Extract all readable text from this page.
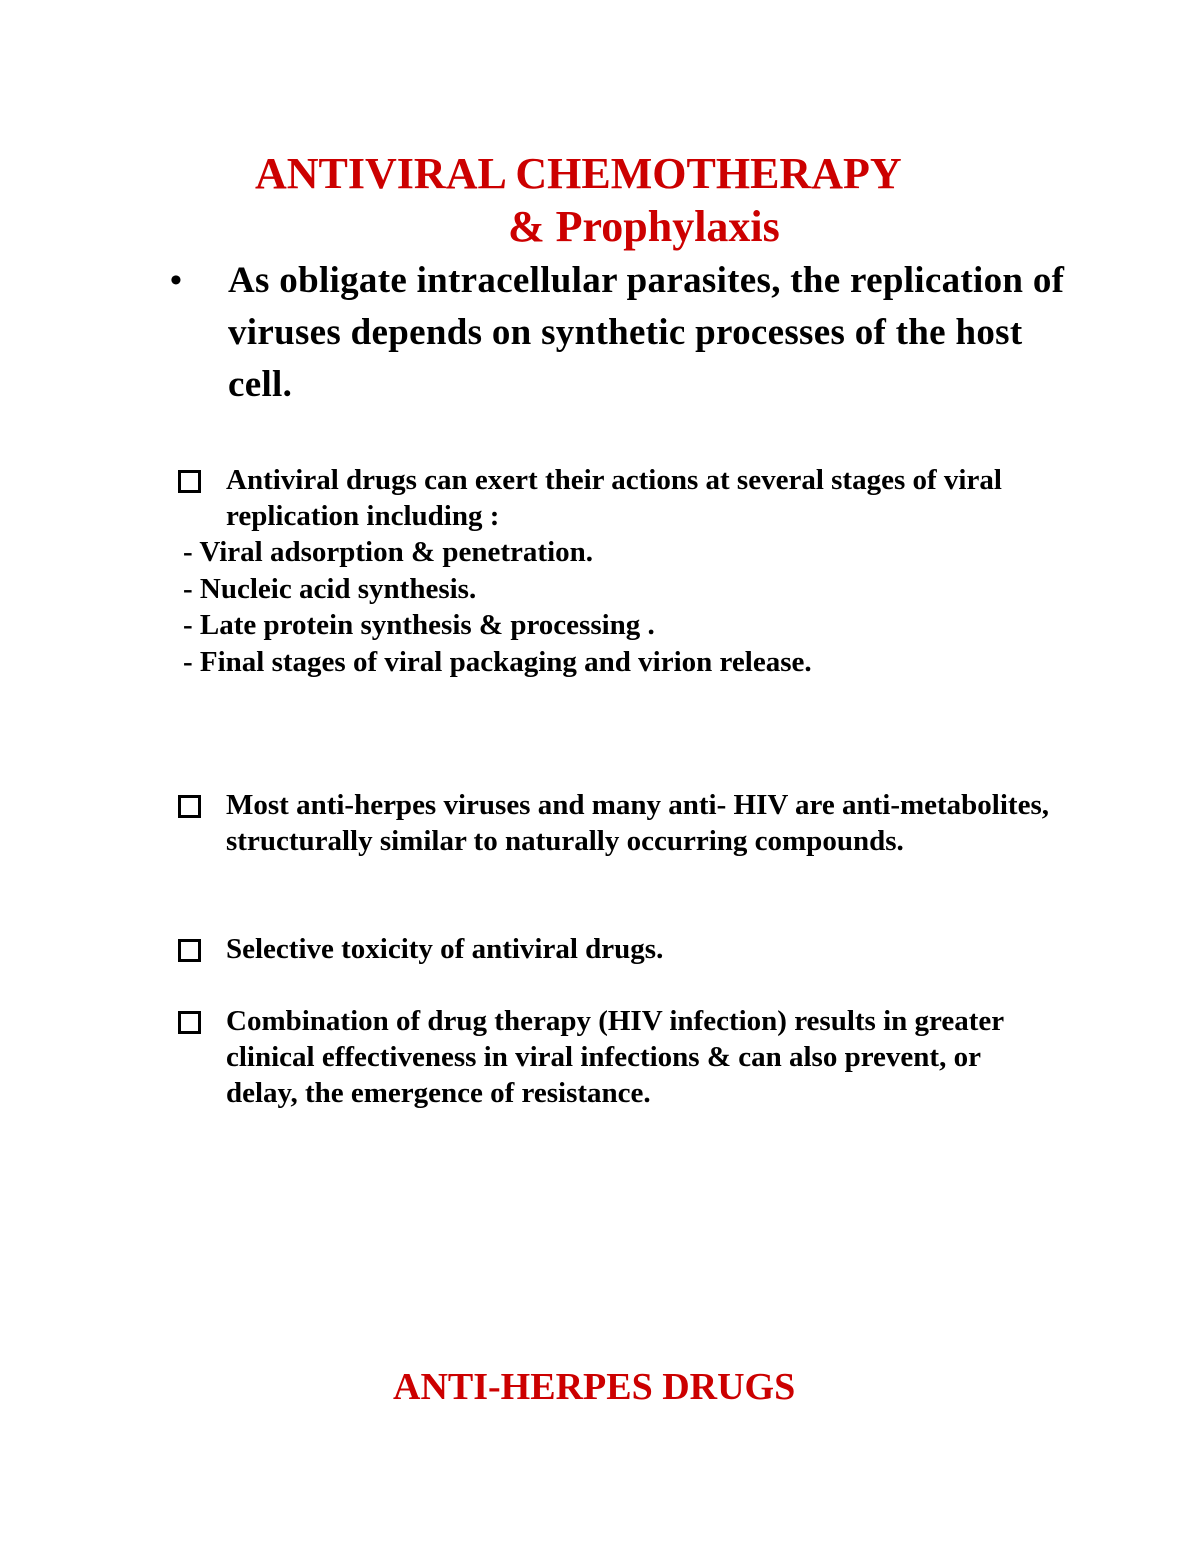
ANTIVIRAL CHEMOTHERAPY
& Prophylaxis
• As obligate intracellular parasites, the replication of viruses depends on synthetic processes of the host cell.
Antiviral drugs can exert their actions at several stages of viral replication including :
- Viral adsorption & penetration.
- Nucleic acid synthesis.
- Late protein synthesis & processing .
- Final stages of viral packaging and virion release.
Most anti-herpes viruses and many anti- HIV are anti-metabolites, structurally similar to naturally occurring compounds.
Selective toxicity of antiviral drugs.
Combination of drug therapy (HIV infection) results in greater clinical effectiveness in viral infections & can also prevent, or delay, the emergence of resistance.
ANTI-HERPES DRUGS
